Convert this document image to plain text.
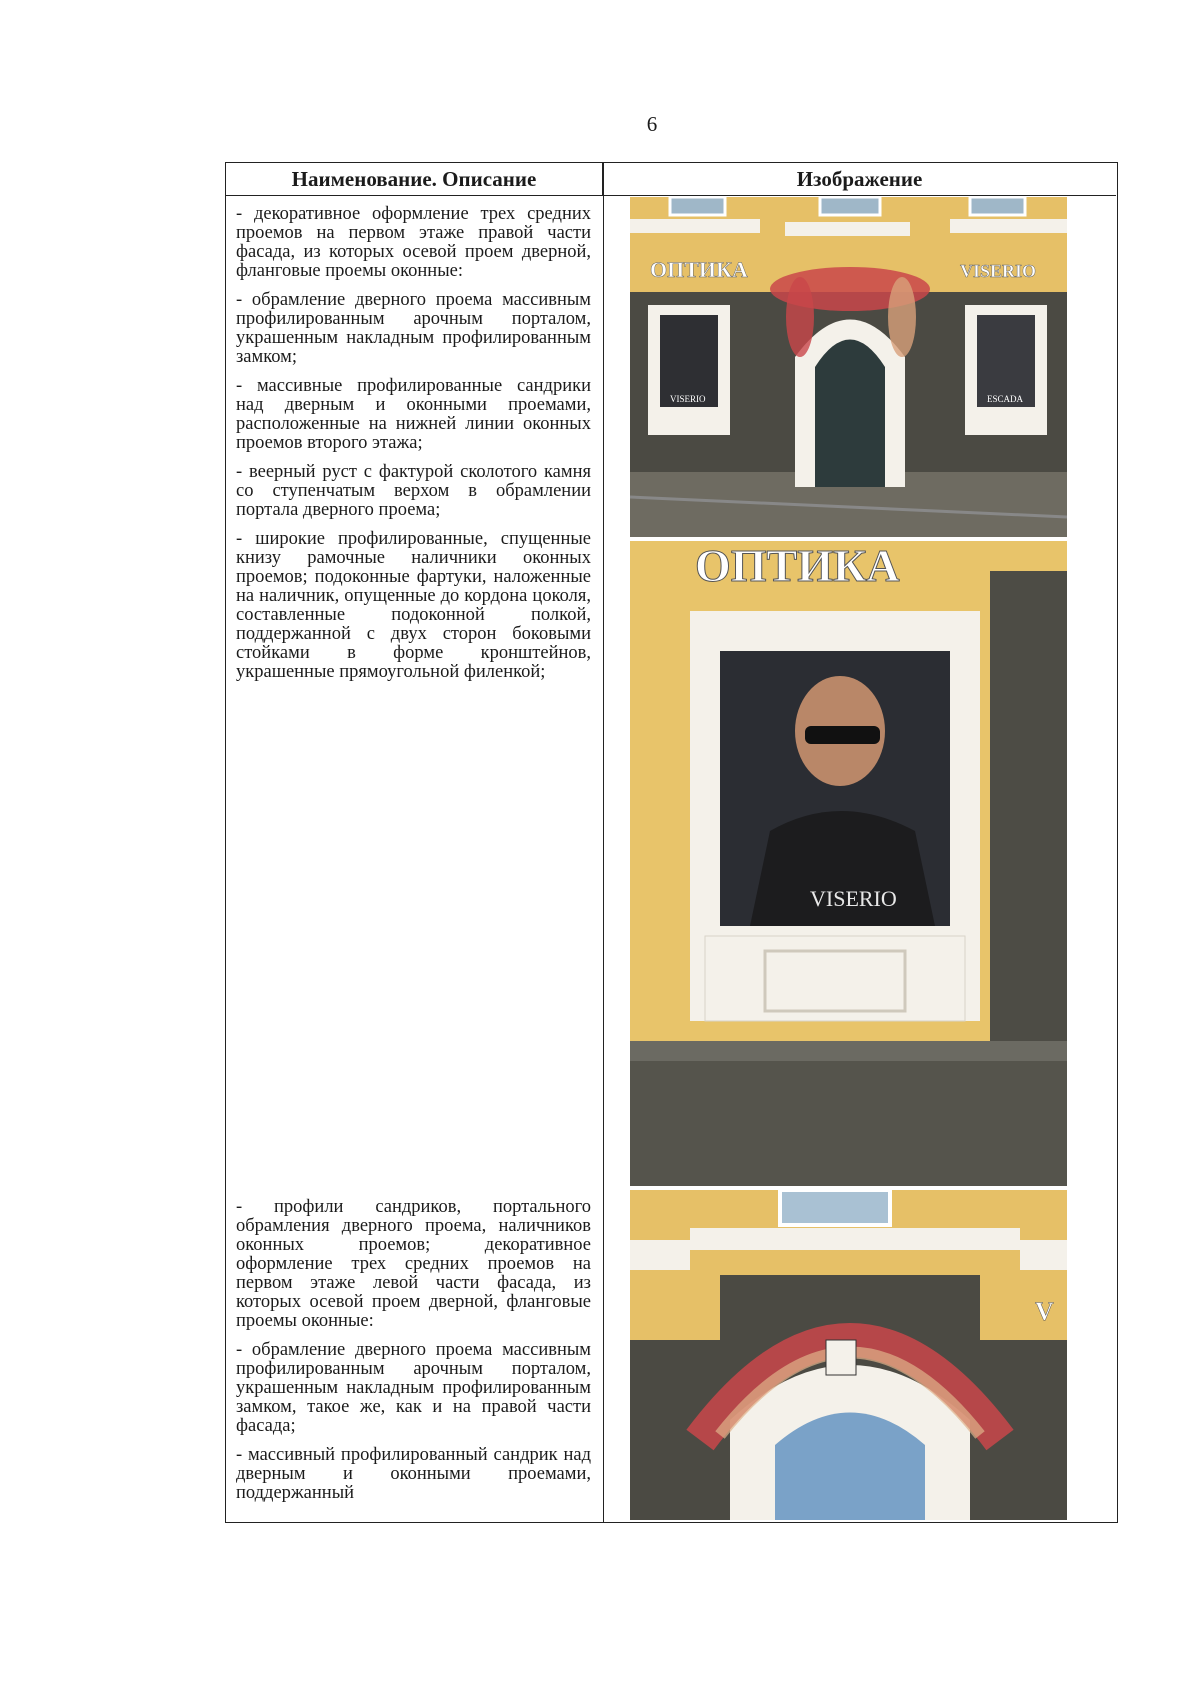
6
Наименование. Описание	Изображение

- декоративное оформление трех средних проемов на первом этаже правой части фасада, из которых осевой проем дверной, фланговые проемы оконные:

- обрамление дверного проема массивным профилированным арочным порталом, украшенным накладным профилированным замком;

- массивные профилированные сандрики над дверным и оконными проемами, расположенные на нижней линии оконных проемов второго этажа;

- веерный руст с фактурой сколотого камня со ступенчатым верхом в обрамлении портала дверного проема;

- широкие профилированные, спущенные книзу рамочные наличники оконных проемов; подоконные фартуки, наложенные на наличник, опущенные до кордона цоколя, составленные подоконной полкой, поддержанной с двух сторон боковыми стойками в форме кронштейнов, украшенные прямоугольной филенкой;

- профили сандриков, портального обрамления дверного проема, наличников оконных проемов; декоративное оформление трех средних проемов на первом этаже левой части фасада, из которых осевой проем дверной, фланговые проемы оконные:

- обрамление дверного проема массивным профилированным арочным порталом, украшенным накладным профилированным замком, такое же, как и на правой части фасада;

- массивный профилированный сандрик над дверным и оконными проемами, поддержанный

ОПТИКА	VISERIO
VISERIO	ESCADA
VISERIO
ОПТИКА
V
